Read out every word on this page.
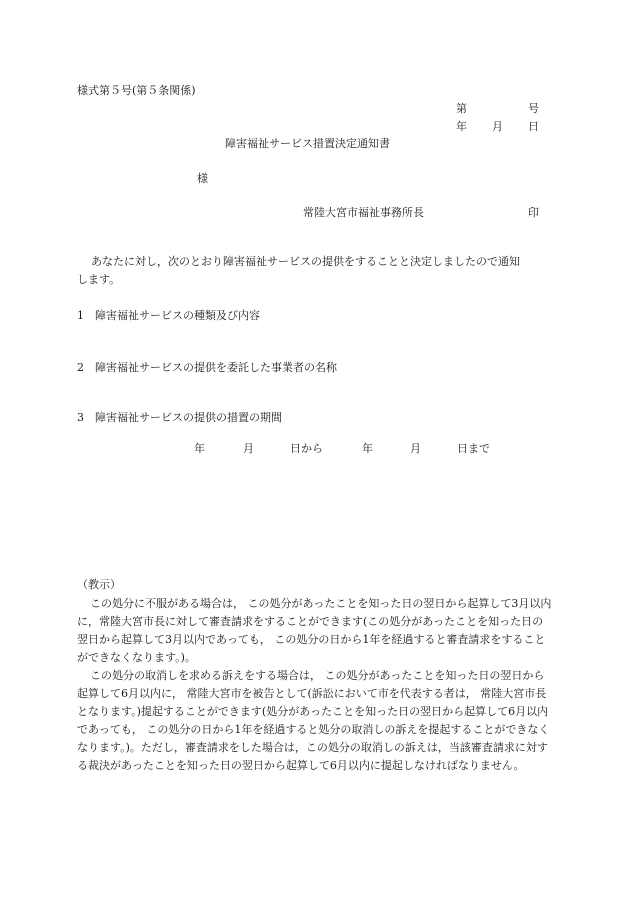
様式第５号(第５条関係)
第	号
年 月 日
障害福祉サービス措置決定通知書
様
常陸大宮市福祉事務所長	印
あなたに対し，次のとおり障害福祉サービスの提供をすることと決定しましたので通知
します。
1 障害福祉サービスの種類及び内容
2 障害福祉サービスの提供を委託した事業者の名称
3 障害福祉サービスの提供の措置の期間
年	月	日から	年	月	日まで
（教示）
この処分に不服がある場合は， この処分があったことを知った日の翌日から起算して3月以内に，常陸大宮市長に対して審査請求をすることができます(この処分があったことを知った日の翌日から起算して3月以内であっても， この処分の日から1年を経過すると審査請求をすることができなくなります。)。
この処分の取消しを求める訴えをする場合は， この処分があったことを知った日の翌日から起算して6月以内に， 常陸大宮市を被告として(訴訟において市を代表する者は， 常陸大宮市長となります。)提起することができます(処分があったことを知った日の翌日から起算して6月以内であっても， この処分の日から1年を経過すると処分の取消しの訴えを提起することができなくなります。)。ただし，審査請求をした場合は，この処分の取消しの訴えは，当該審査請求に対する裁決があったことを知った日の翌日から起算して6月以内に提起しなければなりません。
